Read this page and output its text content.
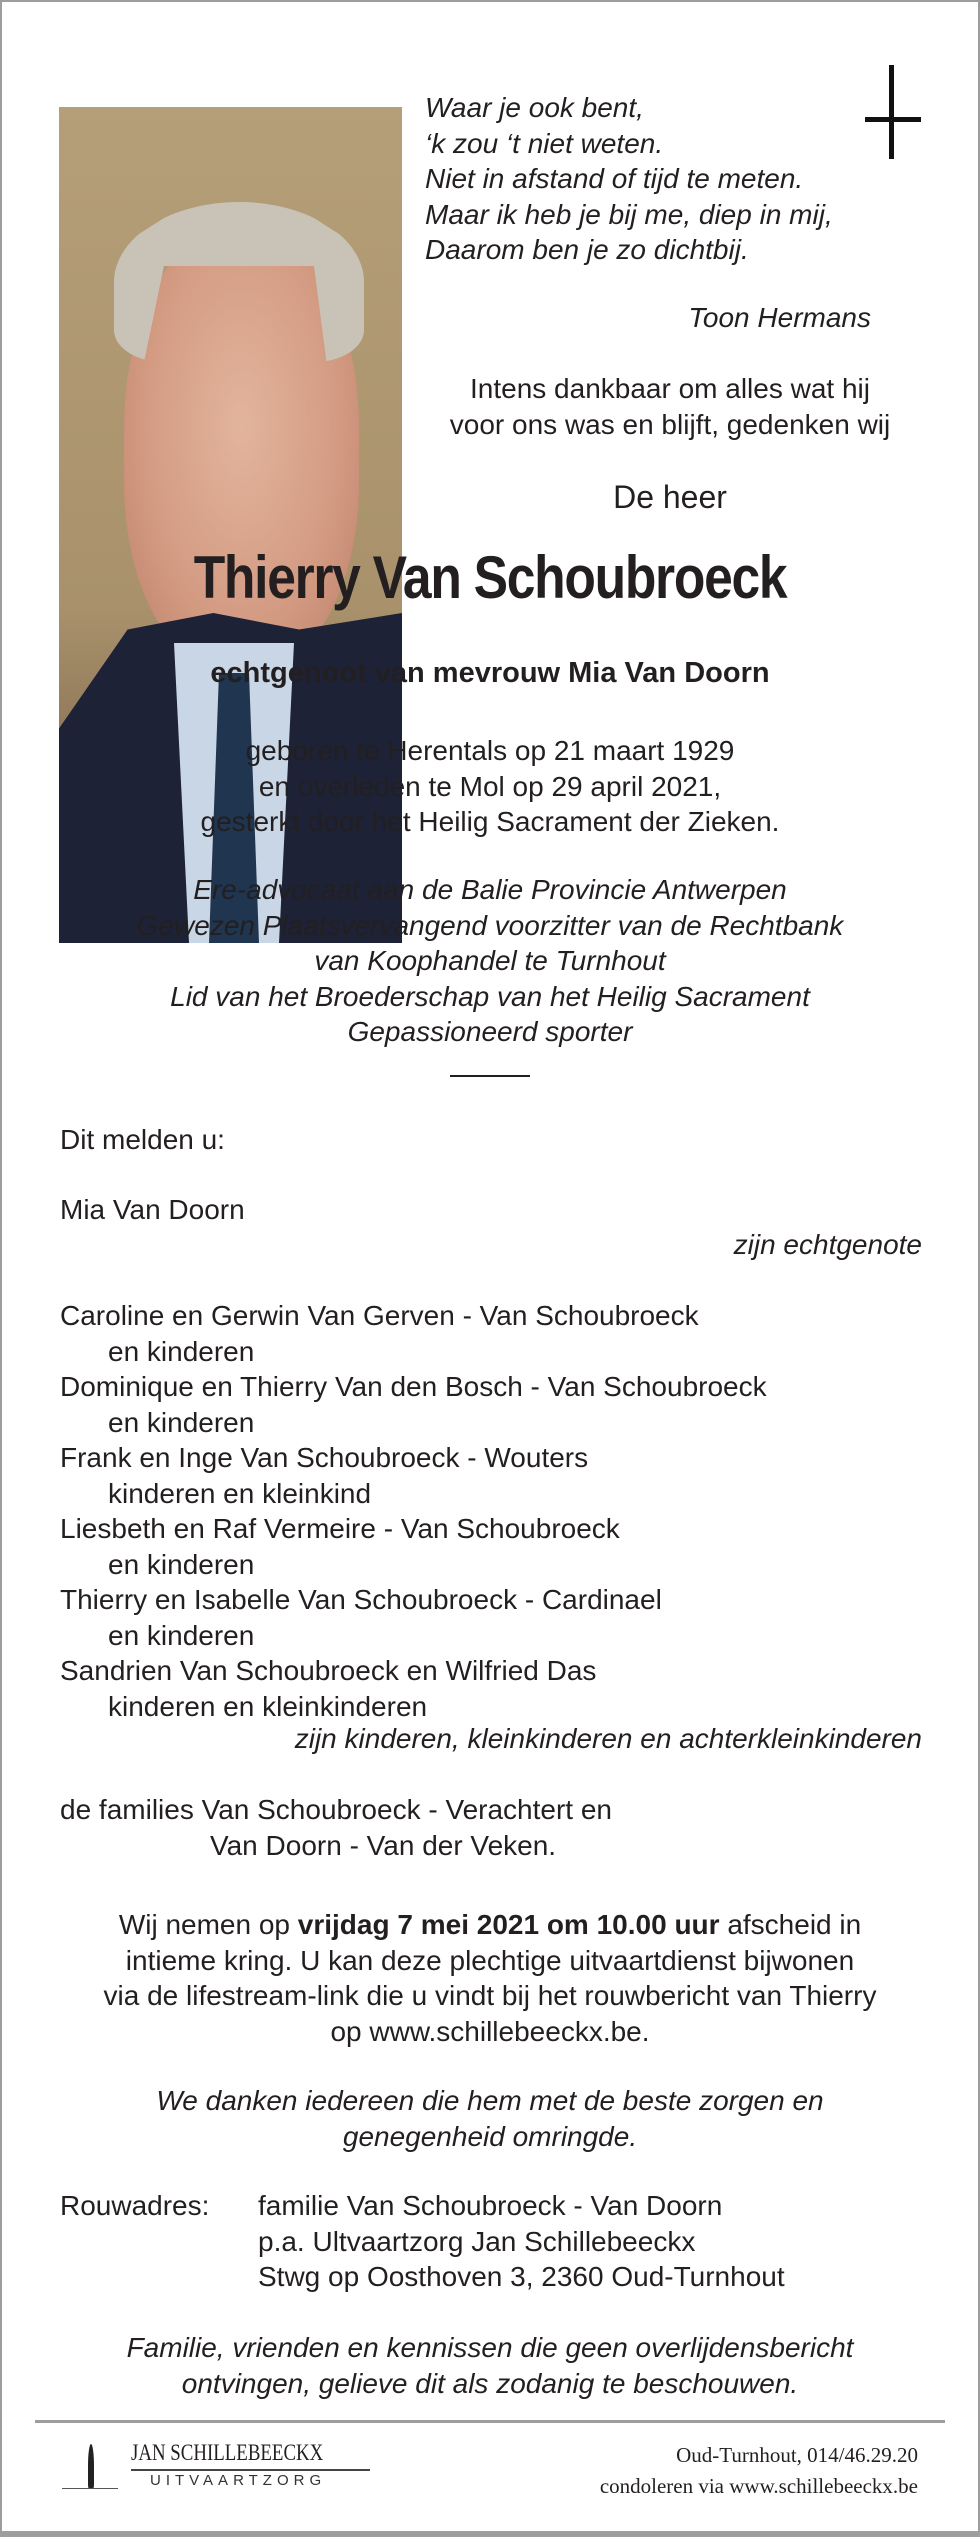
Waar je ook bent,
‘k zou ‘t niet weten.
Niet in afstand of tijd te meten.
Maar ik heb je bij me, diep in mij,
Daarom ben je zo dichtbij.
Toon Hermans
Intens dankbaar om alles wat hij
voor ons was en blijft, gedenken wij
De heer
Thierry Van Schoubroeck
echtgenoot van mevrouw Mia Van Doorn
geboren te Herentals op 21 maart 1929
en overleden te Mol op 29 april 2021,
gesterkt door het Heilig Sacrament der Zieken.
Ere-advocaat aan de Balie Provincie Antwerpen
Gewezen Plaatsvervangend voorzitter van de Rechtbank
van Koophandel te Turnhout
Lid van het Broederschap van het Heilig Sacrament
Gepassioneerd sporter
Dit melden u:
Mia Van Doorn
zijn echtgenote
Caroline en Gerwin Van Gerven - Van Schoubroeck
en kinderen
Dominique en Thierry Van den Bosch - Van Schoubroeck
en kinderen
Frank en Inge Van Schoubroeck - Wouters
kinderen en kleinkind
Liesbeth en Raf Vermeire - Van Schoubroeck
en kinderen
Thierry en Isabelle Van Schoubroeck - Cardinael
en kinderen
Sandrien Van Schoubroeck en Wilfried Das
kinderen en kleinkinderen
zijn kinderen, kleinkinderen en achterkleinkinderen
de families Van Schoubroeck - Verachtert en
Van Doorn - Van der Veken.
Wij nemen op vrijdag 7 mei 2021 om 10.00 uur afscheid in
intieme kring. U kan deze plechtige uitvaartdienst bijwonen
via de lifestream-link die u vindt bij het rouwbericht van Thierry
op www.schillebeeckx.be.
We danken iedereen die hem met de beste zorgen en
genegenheid omringde.
Rouwadres: familie Van Schoubroeck - Van Doorn
p.a. Ultvaartzorg Jan Schillebeeckx
Stwg op Oosthoven 3, 2360 Oud-Turnhout
Familie, vrienden en kennissen die geen overlijdensbericht
ontvingen, gelieve dit als zodanig te beschouwen.
JAN SCHILLEBEECKX
UITVAARTZORG
Oud-Turnhout, 014/46.29.20
condoleren via www.schillebeeckx.be
